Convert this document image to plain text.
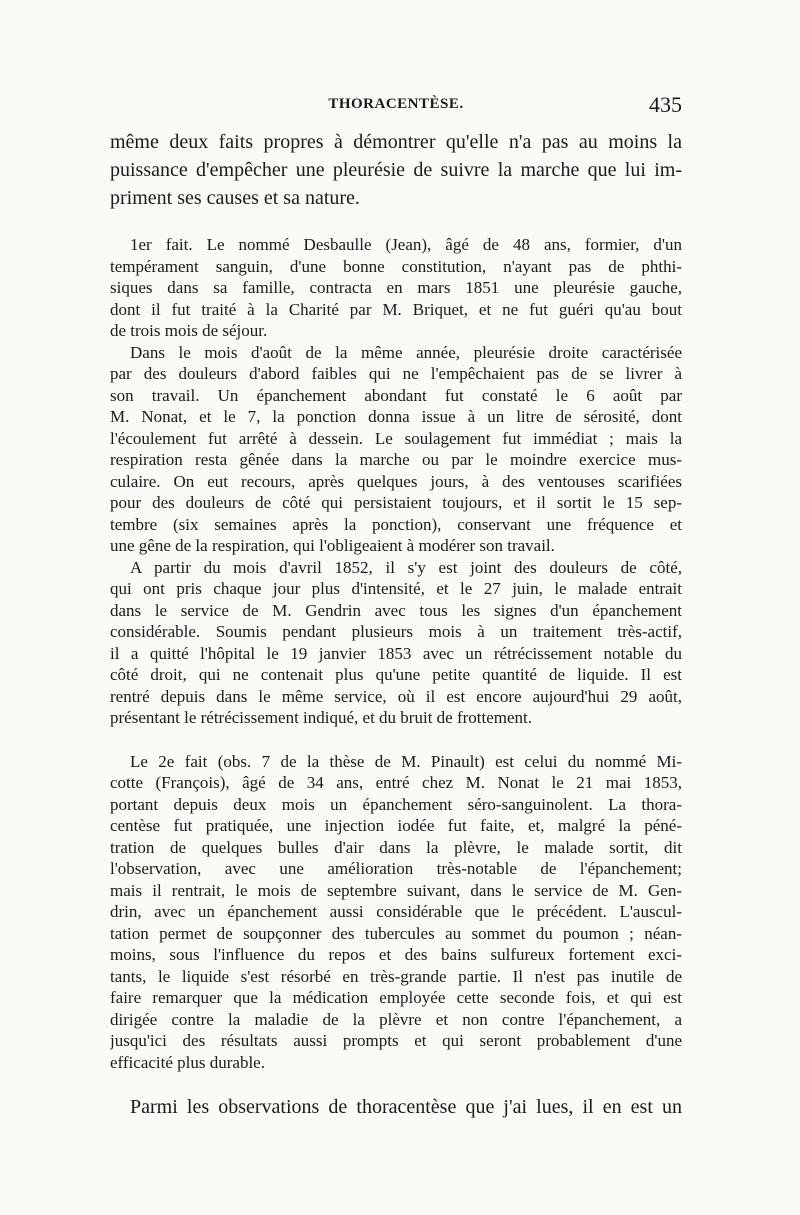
THORACENTÈSE.	435
même deux faits propres à démontrer qu'elle n'a pas au moins la
puissance d'empêcher une pleurésie de suivre la marche que lui im-
priment ses causes et sa nature.
1er fait. Le nommé Desbaulle (Jean), âgé de 48 ans, formier, d'un
tempérament sanguin, d'une bonne constitution, n'ayant pas de phthi-
siques dans sa famille, contracta en mars 1851 une pleurésie gauche,
dont il fut traité à la Charité par M. Briquet, et ne fut guéri qu'au bout
de trois mois de séjour.
Dans le mois d'août de la même année, pleurésie droite caractérisée
par des douleurs d'abord faibles qui ne l'empêchaient pas de se livrer à
son travail. Un épanchement abondant fut constaté le 6 août par
M. Nonat, et le 7, la ponction donna issue à un litre de sérosité, dont
l'écoulement fut arrêté à dessein. Le soulagement fut immédiat ; mais la
respiration resta gênée dans la marche ou par le moindre exercice mus-
culaire. On eut recours, après quelques jours, à des ventouses scarifiées
pour des douleurs de côté qui persistaient toujours, et il sortit le 15 sep-
tembre (six semaines après la ponction), conservant une fréquence et
une gêne de la respiration, qui l'obligeaient à modérer son travail.
A partir du mois d'avril 1852, il s'y est joint des douleurs de côté,
qui ont pris chaque jour plus d'intensité, et le 27 juin, le malade entrait
dans le service de M. Gendrin avec tous les signes d'un épanchement
considérable. Soumis pendant plusieurs mois à un traitement très-actif,
il a quitté l'hôpital le 19 janvier 1853 avec un rétrécissement notable du
côté droit, qui ne contenait plus qu'une petite quantité de liquide. Il est
rentré depuis dans le même service, où il est encore aujourd'hui 29 août,
présentant le rétrécissement indiqué, et du bruit de frottement.
Le 2e fait (obs. 7 de la thèse de M. Pinault) est celui du nommé Mi-
cotte (François), âgé de 34 ans, entré chez M. Nonat le 21 mai 1853,
portant depuis deux mois un épanchement séro-sanguinolent. La thora-
centèse fut pratiquée, une injection iodée fut faite, et, malgré la péné-
tration de quelques bulles d'air dans la plèvre, le malade sortit, dit
l'observation, avec une amélioration très-notable de l'épanchement;
mais il rentrait, le mois de septembre suivant, dans le service de M. Gen-
drin, avec un épanchement aussi considérable que le précédent. L'auscul-
tation permet de soupçonner des tubercules au sommet du poumon ; néan-
moins, sous l'influence du repos et des bains sulfureux fortement exci-
tants, le liquide s'est résorbé en très-grande partie. Il n'est pas inutile de
faire remarquer que la médication employée cette seconde fois, et qui est
dirigée contre la maladie de la plèvre et non contre l'épanchement, a
jusqu'ici des résultats aussi prompts et qui seront probablement d'une
efficacité plus durable.
Parmi les observations de thoracentèse que j'ai lues, il en est un
